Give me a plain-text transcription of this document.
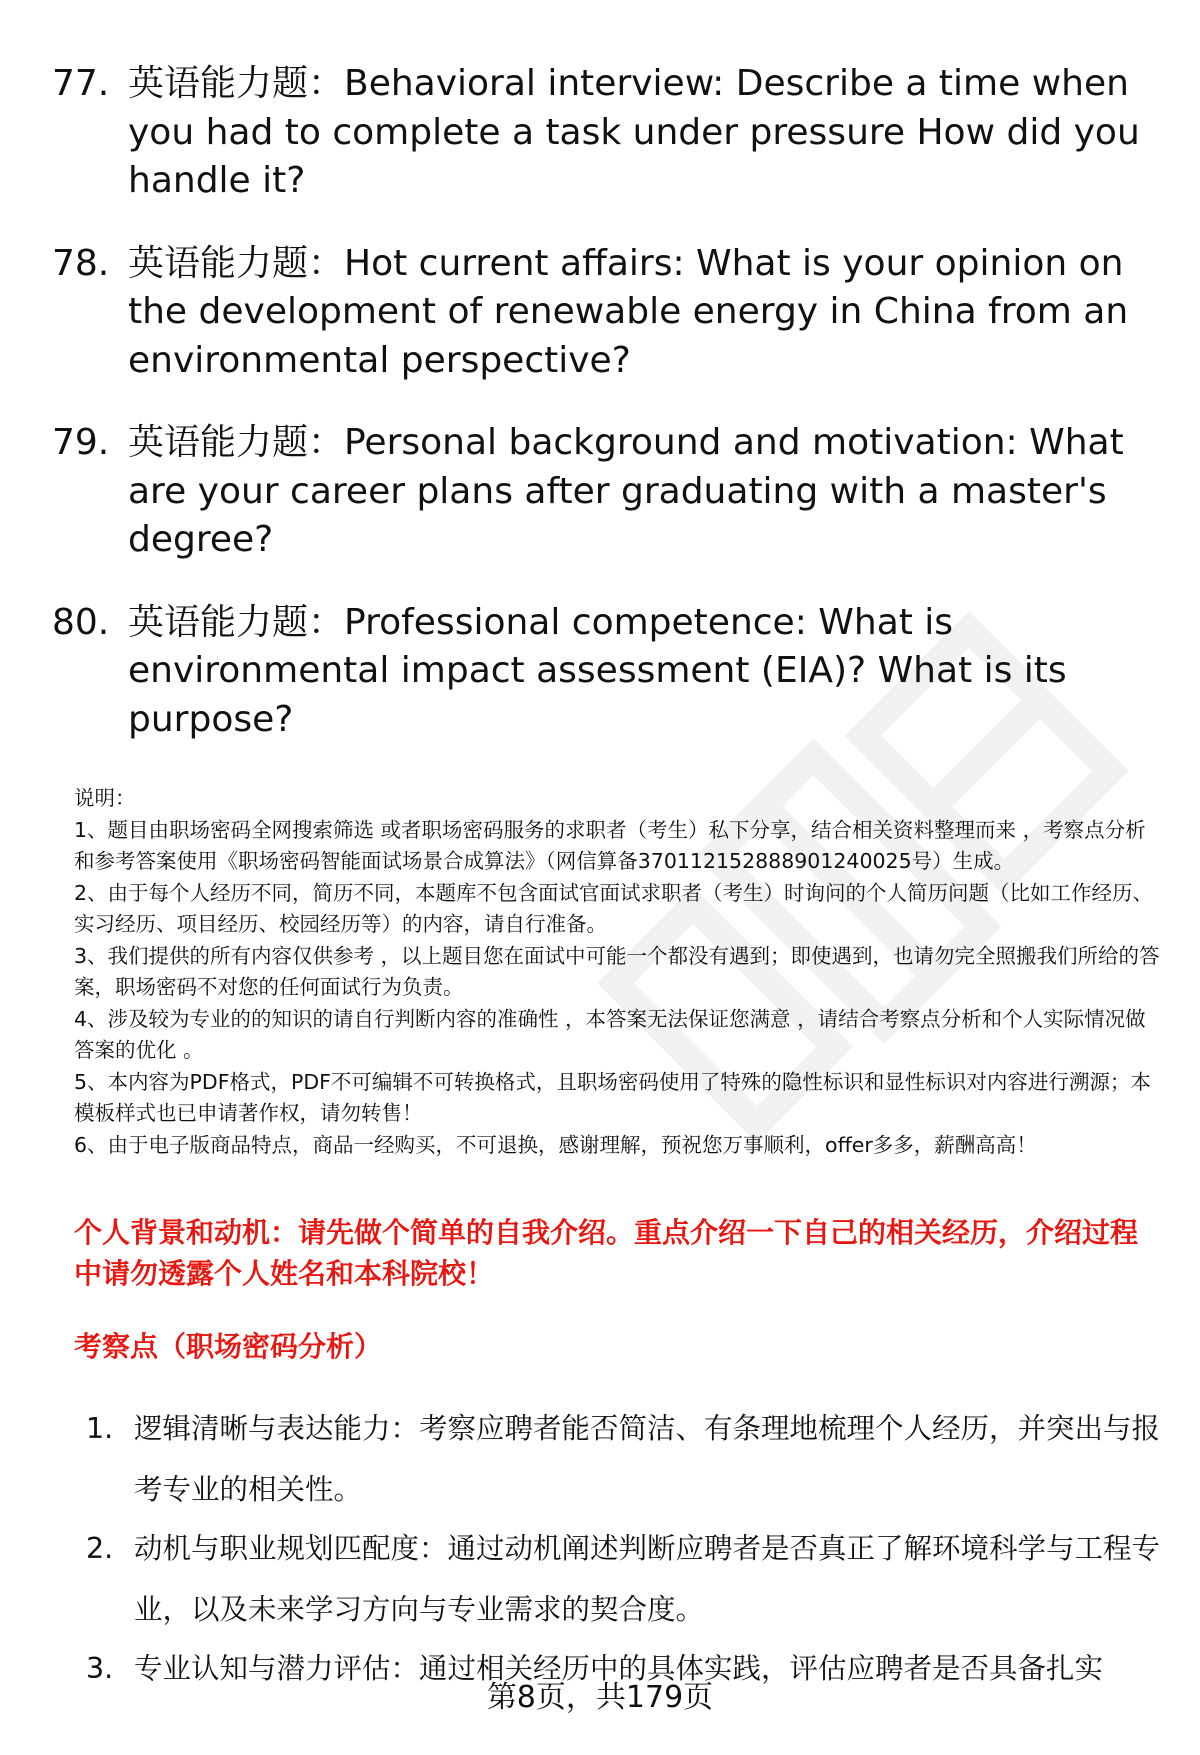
77. 英语能力题：Behavioral interview: Describe a time when you had to complete a task under pressure How did you handle it?
78. 英语能力题：Hot current affairs: What is your opinion on the development of renewable energy in China from an environmental perspective?
79. 英语能力题：Personal background and motivation: What are your career plans after graduating with a master's degree?
80. 英语能力题：Professional competence: What is environmental impact assessment (EIA)? What is its purpose?

说明：

1、题目由职场密码全网搜索筛选 或者职场密码服务的求职者（考生）私下分享，结合相关资料整理而来 ，考察点分析和参考答案使用《职场密码智能面试场景合成算法》（网信算备370112152888901240025号）生成。

2、由于每个人经历不同，简历不同，本题库不包含面试官面试求职者（考生）时询问的个人简历问题（比如工作经历、实习经历、项目经历、校园经历等）的内容，请自行准备。

3、我们提供的所有内容仅供参考 ，以上题目您在面试中可能一个都没有遇到；即使遇到，也请勿完全照搬我们所给的答案，职场密码不对您的任何面试行为负责。

4、涉及较为专业的的知识的请自行判断内容的准确性 ，本答案无法保证您满意 ，请结合考察点分析和个人实际情况做答案的优化 。

5、本内容为PDF格式，PDF不可编辑不可转换格式，且职场密码使用了特殊的隐性标识和显性标识对内容进行溯源；本模板样式也已申请著作权，请勿转售！

6、由于电子版商品特点，商品一经购买，不可退换，感谢理解，预祝您万事顺利，offer多多，薪酬高高！

个人背景和动机：请先做个简单的自我介绍。重点介绍一下自己的相关经历，介绍过程中请勿透露个人姓名和本科院校！
考察点（职场密码分析）
1. 逻辑清晰与表达能力：考察应聘者能否简洁、有条理地梳理个人经历，并突出与报考专业的相关性。
2. 动机与职业规划匹配度：通过动机阐述判断应聘者是否真正了解环境科学与工程专业，以及未来学习方向与专业需求的契合度。
3. 专业认知与潜力评估：通过相关经历中的具体实践，评估应聘者是否具备扎实
第8页，共179页
